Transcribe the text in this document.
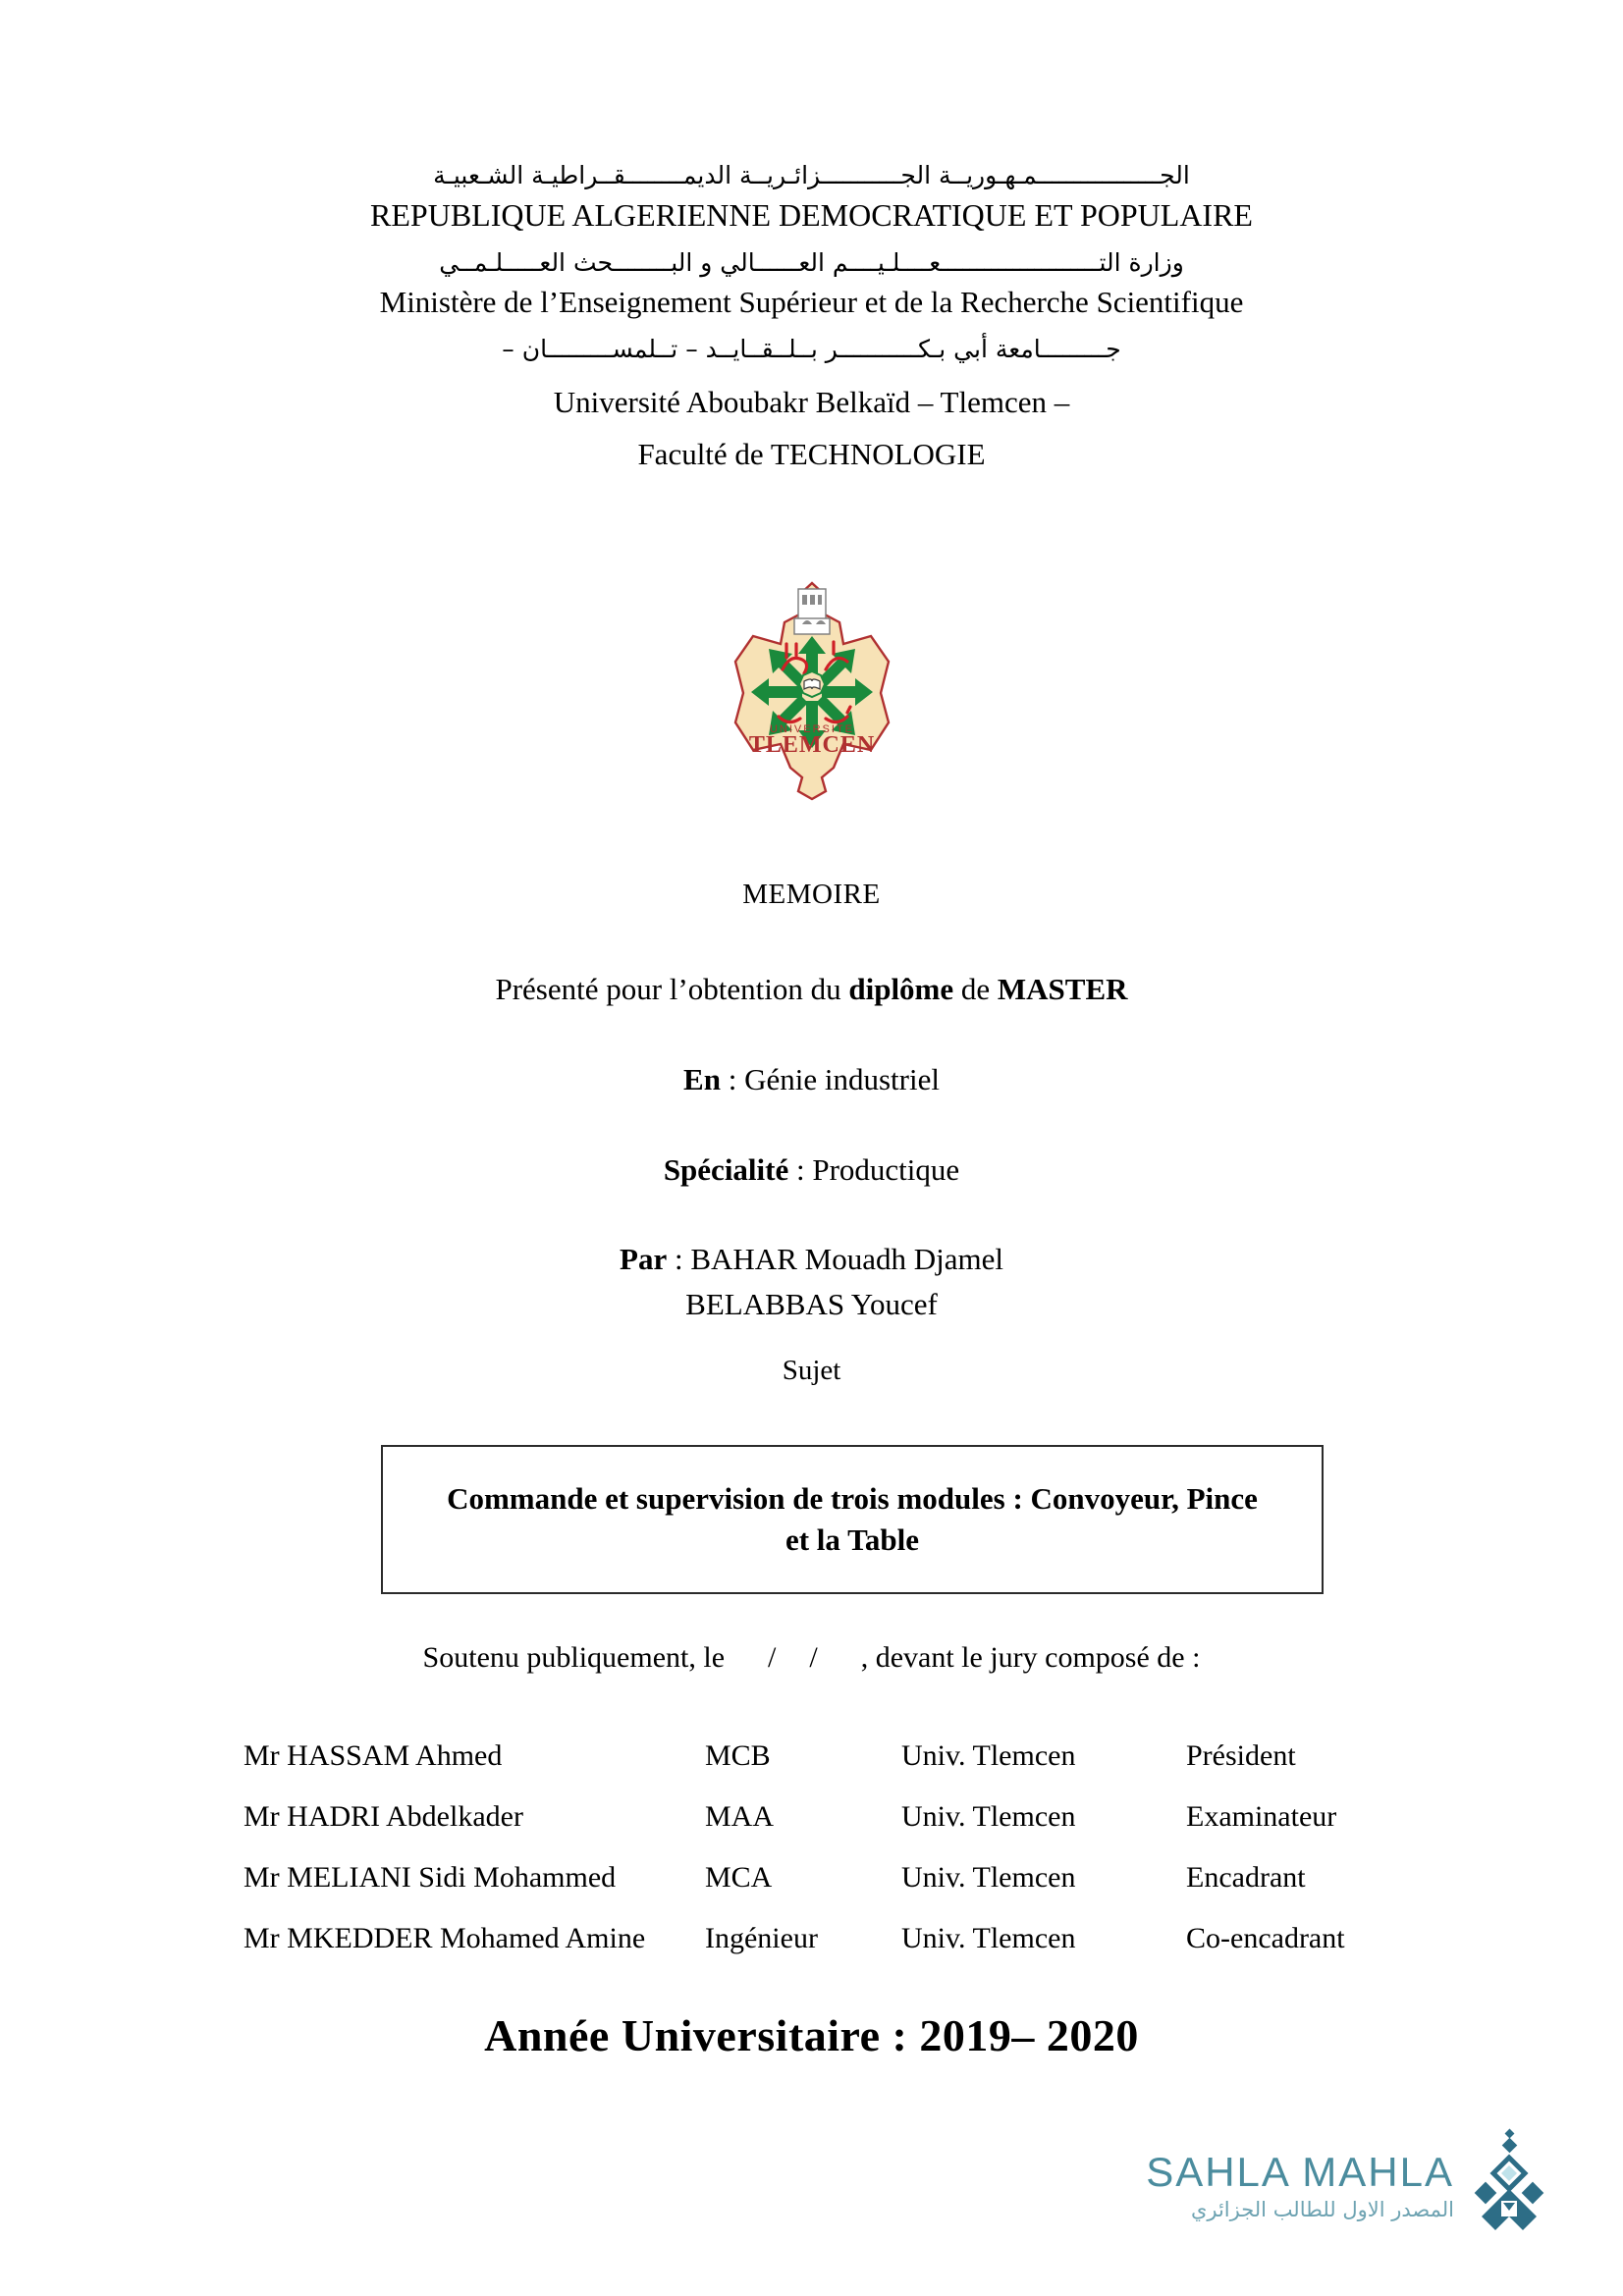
الجـــــــــــــــــمـهـوريــة الجـــــــــــزائـريــة الديمــــــــقــراطيـة الشـعبيـة
REPUBLIQUE ALGERIENNE DEMOCRATIQUE ET POPULAIRE
وزارة التــــــــــــــــــــــعــــلـيــــم العــــــالي و البــــــــحث العـــــلـمــي
Ministère de l’Enseignement Supérieur et de la Recherche Scientifique
جـــــــــامعة أبي بـكـــــــــــر بــلــقــايــد – تــلمســـــــــان –
Université Aboubakr Belkaïd – Tlemcen –
Faculté de TECHNOLOGIE
UNIVERSITE
TLEMCEN
MEMOIRE
Présenté pour l’obtention du diplôme de MASTER
En : Génie industriel
Spécialité : Productique
Par : BAHAR Mouadh Djamel
BELABBAS Youcef
Sujet
Commande et supervision de trois modules : Convoyeur, Pince
et la Table
Soutenu publiquement, le / / , devant le jury composé de :
Mr HASSAM Ahmed	MCB	Univ. Tlemcen	Président
Mr HADRI Abdelkader	MAA	Univ. Tlemcen	Examinateur
Mr MELIANI Sidi Mohammed	MCA	Univ. Tlemcen	Encadrant
Mr MKEDDER Mohamed Amine	Ingénieur	Univ. Tlemcen	Co-encadrant
Année Universitaire : 2019– 2020
SAHLA MAHLA
المصدر الاول للطالب الجزائري
